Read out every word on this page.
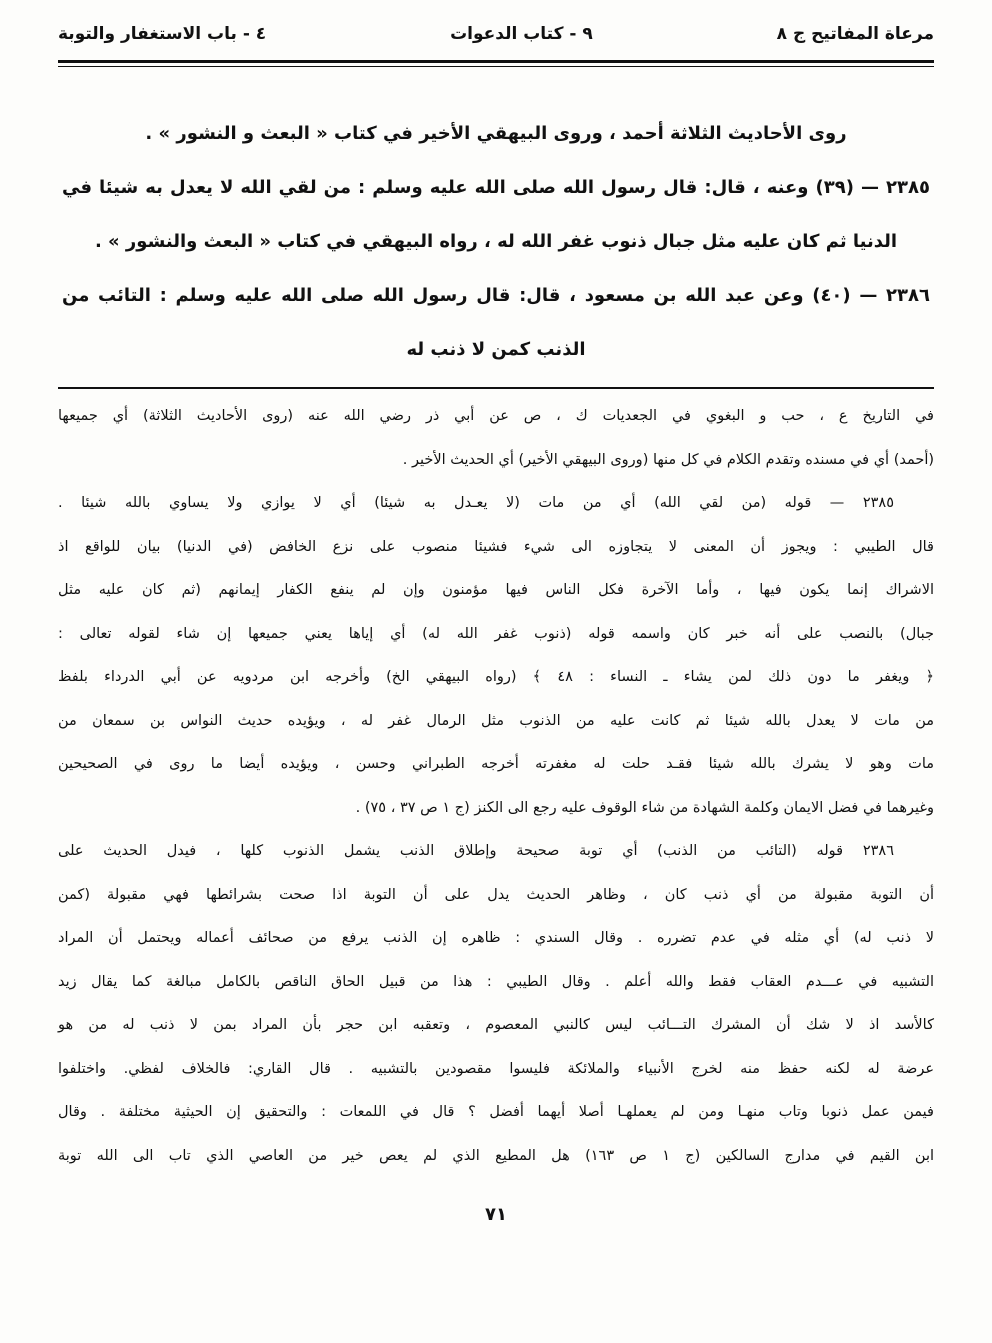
مرعاة المفاتيح ج ٨
٩ - كتاب الدعوات
٤ - باب الاستغفار والتوبة
روى الأحاديث الثلاثة أحمد ، وروى البيهقي الأخير في كتاب « البعث و النشور » .
٢٣٨٥ — (٣٩) وعنه ، قال: قال رسول الله صلى الله عليه وسلم : من لقي الله لا يعدل به شيئا في
الدنيا ثم كان عليه مثل جبال ذنوب غفر الله له ، رواه البيهقي في كتاب « البعث والنشور » .
٢٣٨٦ — (٤٠) وعن عبد الله بن مسعود ، قال: قال رسول الله صلى الله عليه وسلم : التائب من
الذنب كمن لا ذنب له
في التاريخ ع ، حب و البغوي في الجعديات ك ، ص عن أبي ذر رضي الله عنه (روى الأحاديث الثلاثة) أي جميعها
(أحمد) أي في مسنده وتقدم الكلام في كل منها (وروى البيهقي الأخير) أي الحديث الأخير .
٢٣٨٥ — قوله (من لقي الله) أي من مات (لا يعـدل به شيئا) أي لا يوازي ولا يساوي بالله شيئا .
قال الطيبي : ويجوز أن المعنى لا يتجاوزه الى شيء فشيئا منصوب على نزع الخافض (في الدنيا) بيان للواقع اذ
الاشراك إنما يكون فيها ، وأما الآخرة فكل الناس فيها مؤمنون وإن لم ينفع الكفار إيمانهم (ثم كان عليه مثل
جبال) بالنصب على أنه خبر كان واسمه قوله (ذنوب غفر الله له) أي إياها يعني جميعها إن شاء لقوله تعالى :
﴿ ويغفر ما دون ذلك لمن يشاء ـ النساء : ٤٨ ﴾ (رواه البيهقي الخ) وأخرجه ابن مردويه عن أبي الدرداء بلفظ
من مات لا يعدل بالله شيئا ثم كانت عليه من الذنوب مثل الرمال غفر له ، ويؤيده حديث النواس بن سمعان من
مات وهو لا يشرك بالله شيئا فقـد حلت له مغفرته أخرجه الطبراني وحسن ، ويؤيده أيضا ما روى في الصحيحين
وغيرهما في فضل الايمان وكلمة الشهادة من شاء الوقوف عليه رجع الى الكنز (ج ١ ص ٣٧ ، ٧٥) .
٢٣٨٦ قوله (التائب من الذنب) أي توبة صحيحة وإطلاق الذنب يشمل الذنوب كلها ، فيدل الحديث على
أن التوبة مقبولة من أي ذنب كان ، وظاهر الحديث يدل على أن التوبة اذا صحت بشرائطها فهي مقبولة (كمن
لا ذنب له) أي مثله في عدم تضرره . وقال السندي : ظاهره إن الذنب يرفع من صحائف أعماله ويحتمل أن المراد
التشبيه في عـــدم العقاب فقط والله أعلم . وقال الطيبي : هذا من قبيل الحاق الناقص بالكامل مبالغة كما يقال زيد
كالأسد اذ لا شك أن المشرك التـــائب ليس كالنبي المعصوم ، وتعقبه ابن حجر بأن المراد بمن لا ذنب له من هو
عرضة له لكنه حفظ منه لخرج الأنبياء والملائكة فليسوا مقصودين بالتشبيه . قال القاري: فالخلاف لفظي. واختلفوا
فيمن عمل ذنوبا وتاب منهـا ومن لم يعملهـا أصلا أيهما أفضل ؟ قال في اللمعات : والتحقيق إن الحيثية مختلفة . وقال
ابن القيم في مدارج السالكين (ج ١ ص ١٦٣) هل المطيع الذي لم يعص خير من العاصي الذي تاب الى الله توبة
٧١
